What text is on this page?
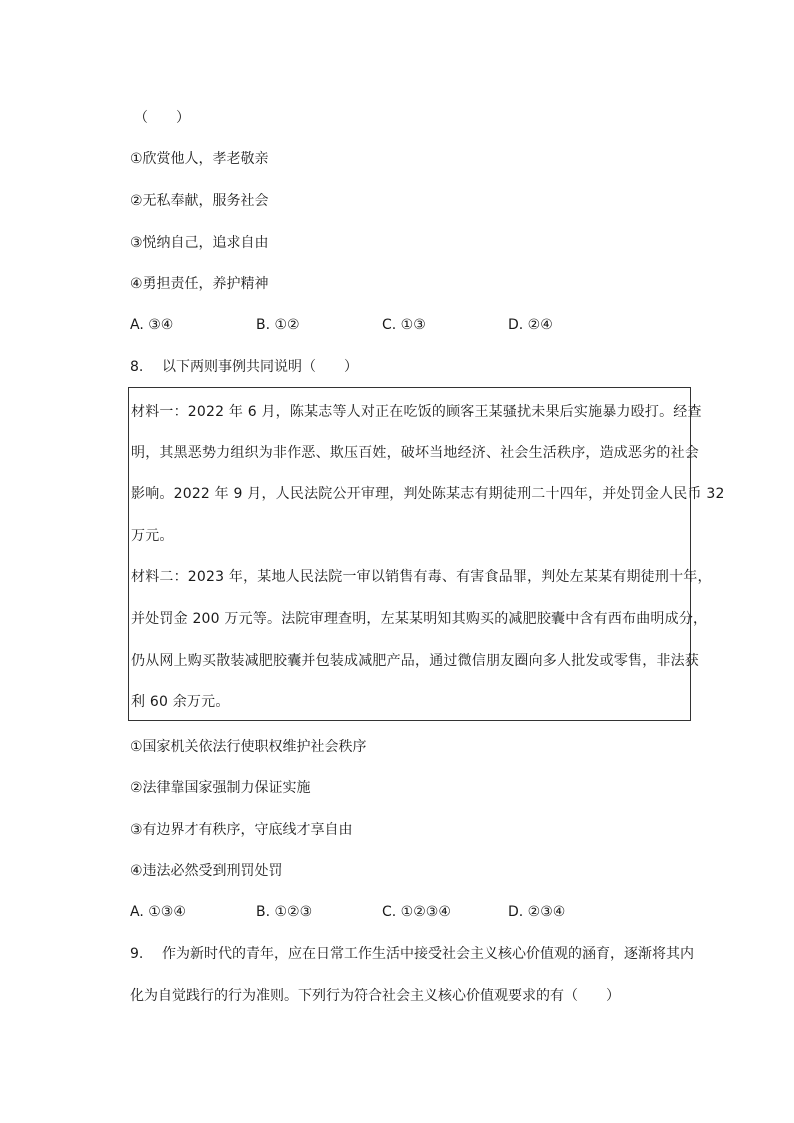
（　　）
①欣赏他人，孝老敬亲
②无私奉献，服务社会
③悦纳自己，追求自由
④勇担责任，养护精神
A. ③④	B. ①②	C. ①③	D. ②④
8. 以下两则事例共同说明（　　）
材料一：2022 年 6 月，陈某志等人对正在吃饭的顾客王某骚扰未果后实施暴力殴打。经查
明，其黑恶势力组织为非作恶、欺压百姓，破坏当地经济、社会生活秩序，造成恶劣的社会
影响。2022 年 9 月，人民法院公开审理，判处陈某志有期徒刑二十四年，并处罚金人民币 32
万元。
材料二：2023 年，某地人民法院一审以销售有毒、有害食品罪，判处左某某有期徒刑十年，
并处罚金 200 万元等。法院审理查明，左某某明知其购买的减肥胶囊中含有西布曲明成分，
仍从网上购买散装减肥胶囊并包装成减肥产品，通过微信朋友圈向多人批发或零售，非法获
利 60 余万元。
①国家机关依法行使职权维护社会秩序
②法律靠国家强制力保证实施
③有边界才有秩序，守底线才享自由
④违法必然受到刑罚处罚
A. ①③④	B. ①②③	C. ①②③④	D. ②③④
9. 作为新时代的青年，应在日常工作生活中接受社会主义核心价值观的涵育，逐渐将其内
化为自觉践行的行为准则。下列行为符合社会主义核心价值观要求的有（　　）
